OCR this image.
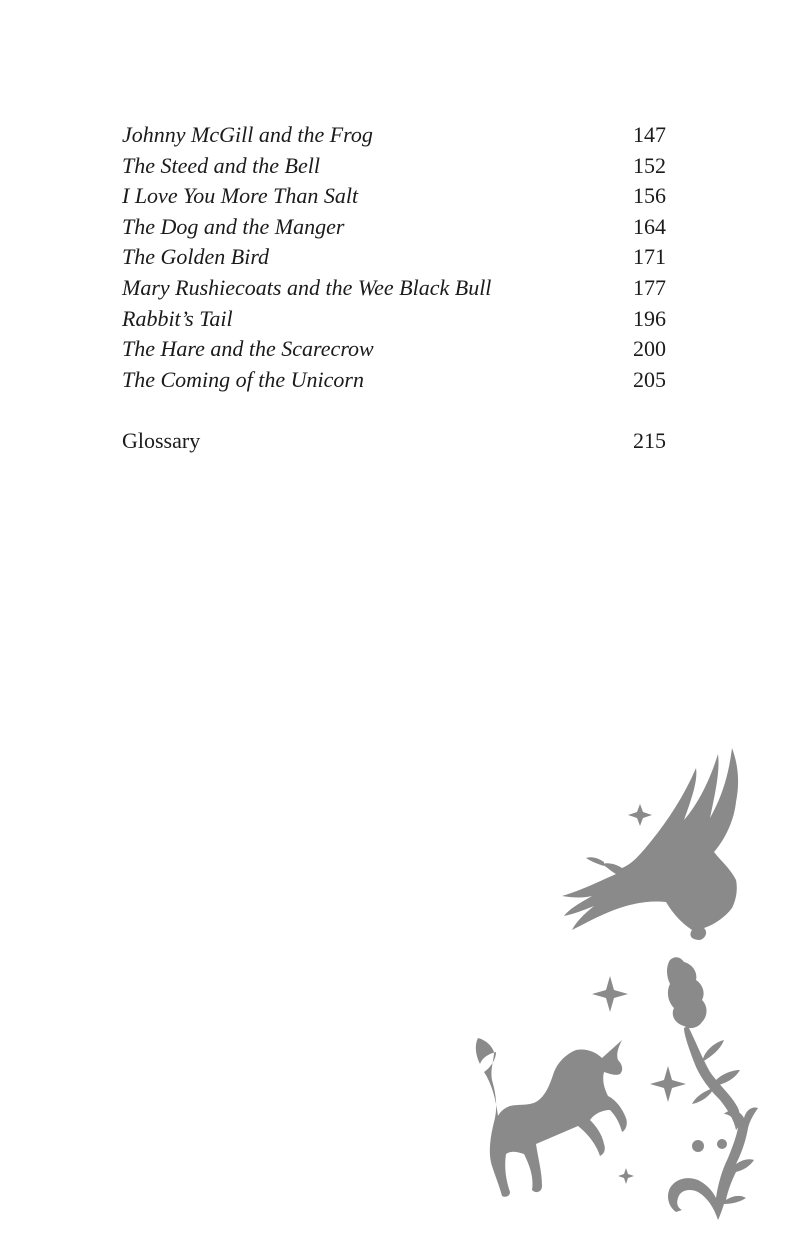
Johnny McGill and the Frog	147
The Steed and the Bell	152
I Love You More Than Salt	156
The Dog and the Manger	164
The Golden Bird	171
Mary Rushiecoats and the Wee Black Bull	177
Rabbit’s Tail	196
The Hare and the Scarecrow	200
The Coming of the Unicorn	205
Glossary	215
